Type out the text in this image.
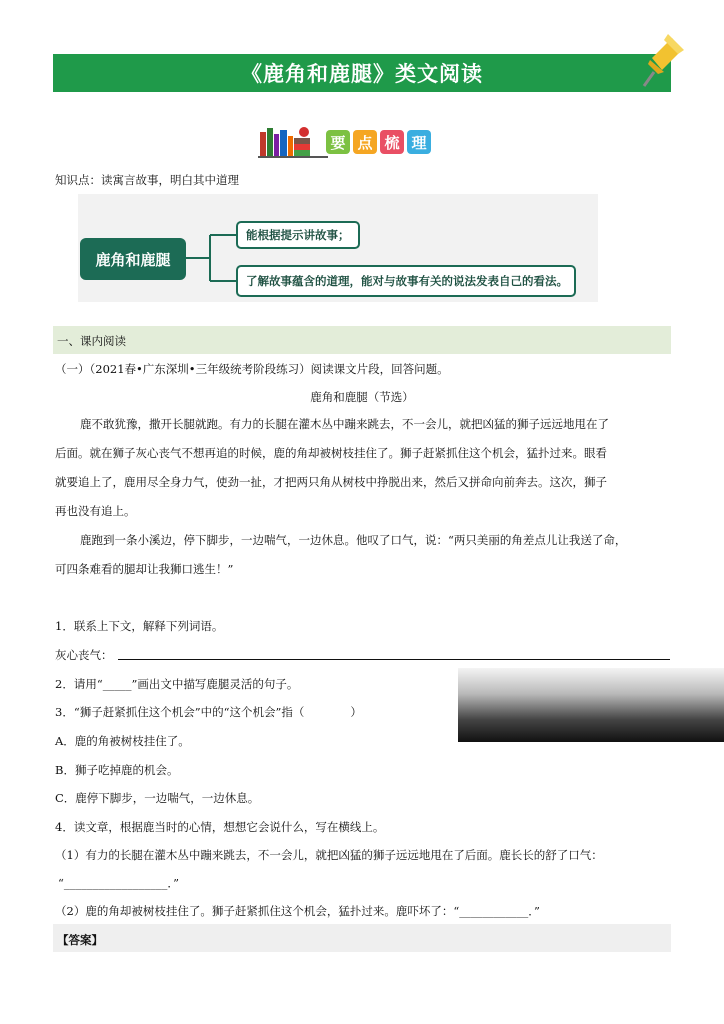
《鹿角和鹿腿》类文阅读
要 点 梳 理
知识点：读寓言故事，明白其中道理
鹿角和鹿腿
能根据提示讲故事；
了解故事蕴含的道理，能对与故事有关的说法发表自己的看法。
一、课内阅读
（一）（2021春•广东深圳•三年级统考阶段练习）阅读课文片段，回答问题。
鹿角和鹿腿（节选）
鹿不敢犹豫，撒开长腿就跑。有力的长腿在灌木丛中蹦来跳去，不一会儿，就把凶猛的狮子远远地甩在了
后面。就在狮子灰心丧气不想再追的时候，鹿的角却被树枝挂住了。狮子赶紧抓住这个机会，猛扑过来。眼看
就要追上了，鹿用尽全身力气，使劲一扯，才把两只角从树枝中挣脱出来，然后又拼命向前奔去。这次，狮子
再也没有追上。
鹿跑到一条小溪边，停下脚步，一边喘气，一边休息。他叹了口气，说：“两只美丽的角差点儿让我送了命，
可四条难看的腿却让我狮口逃生！”
1．联系上下文，解释下列词语。
灰心丧气：
2．请用“_____”画出文中描写鹿腿灵活的句子。
3．“狮子赶紧抓住这个机会”中的“这个机会”指（　　　　）
A．鹿的角被树枝挂住了。
B．狮子吃掉鹿的机会。
C．鹿停下脚步，一边喘气，一边休息。
4．读文章，根据鹿当时的心情，想想它会说什么，写在横线上。
（1）有力的长腿在灌木丛中蹦来跳去，不一会儿，就把凶猛的狮子远远地甩在了后面。鹿长长的舒了口气：
“__________________．”
（2）鹿的角却被树枝挂住了。狮子赶紧抓住这个机会，猛扑过来。鹿吓坏了：“____________．”
【答案】
